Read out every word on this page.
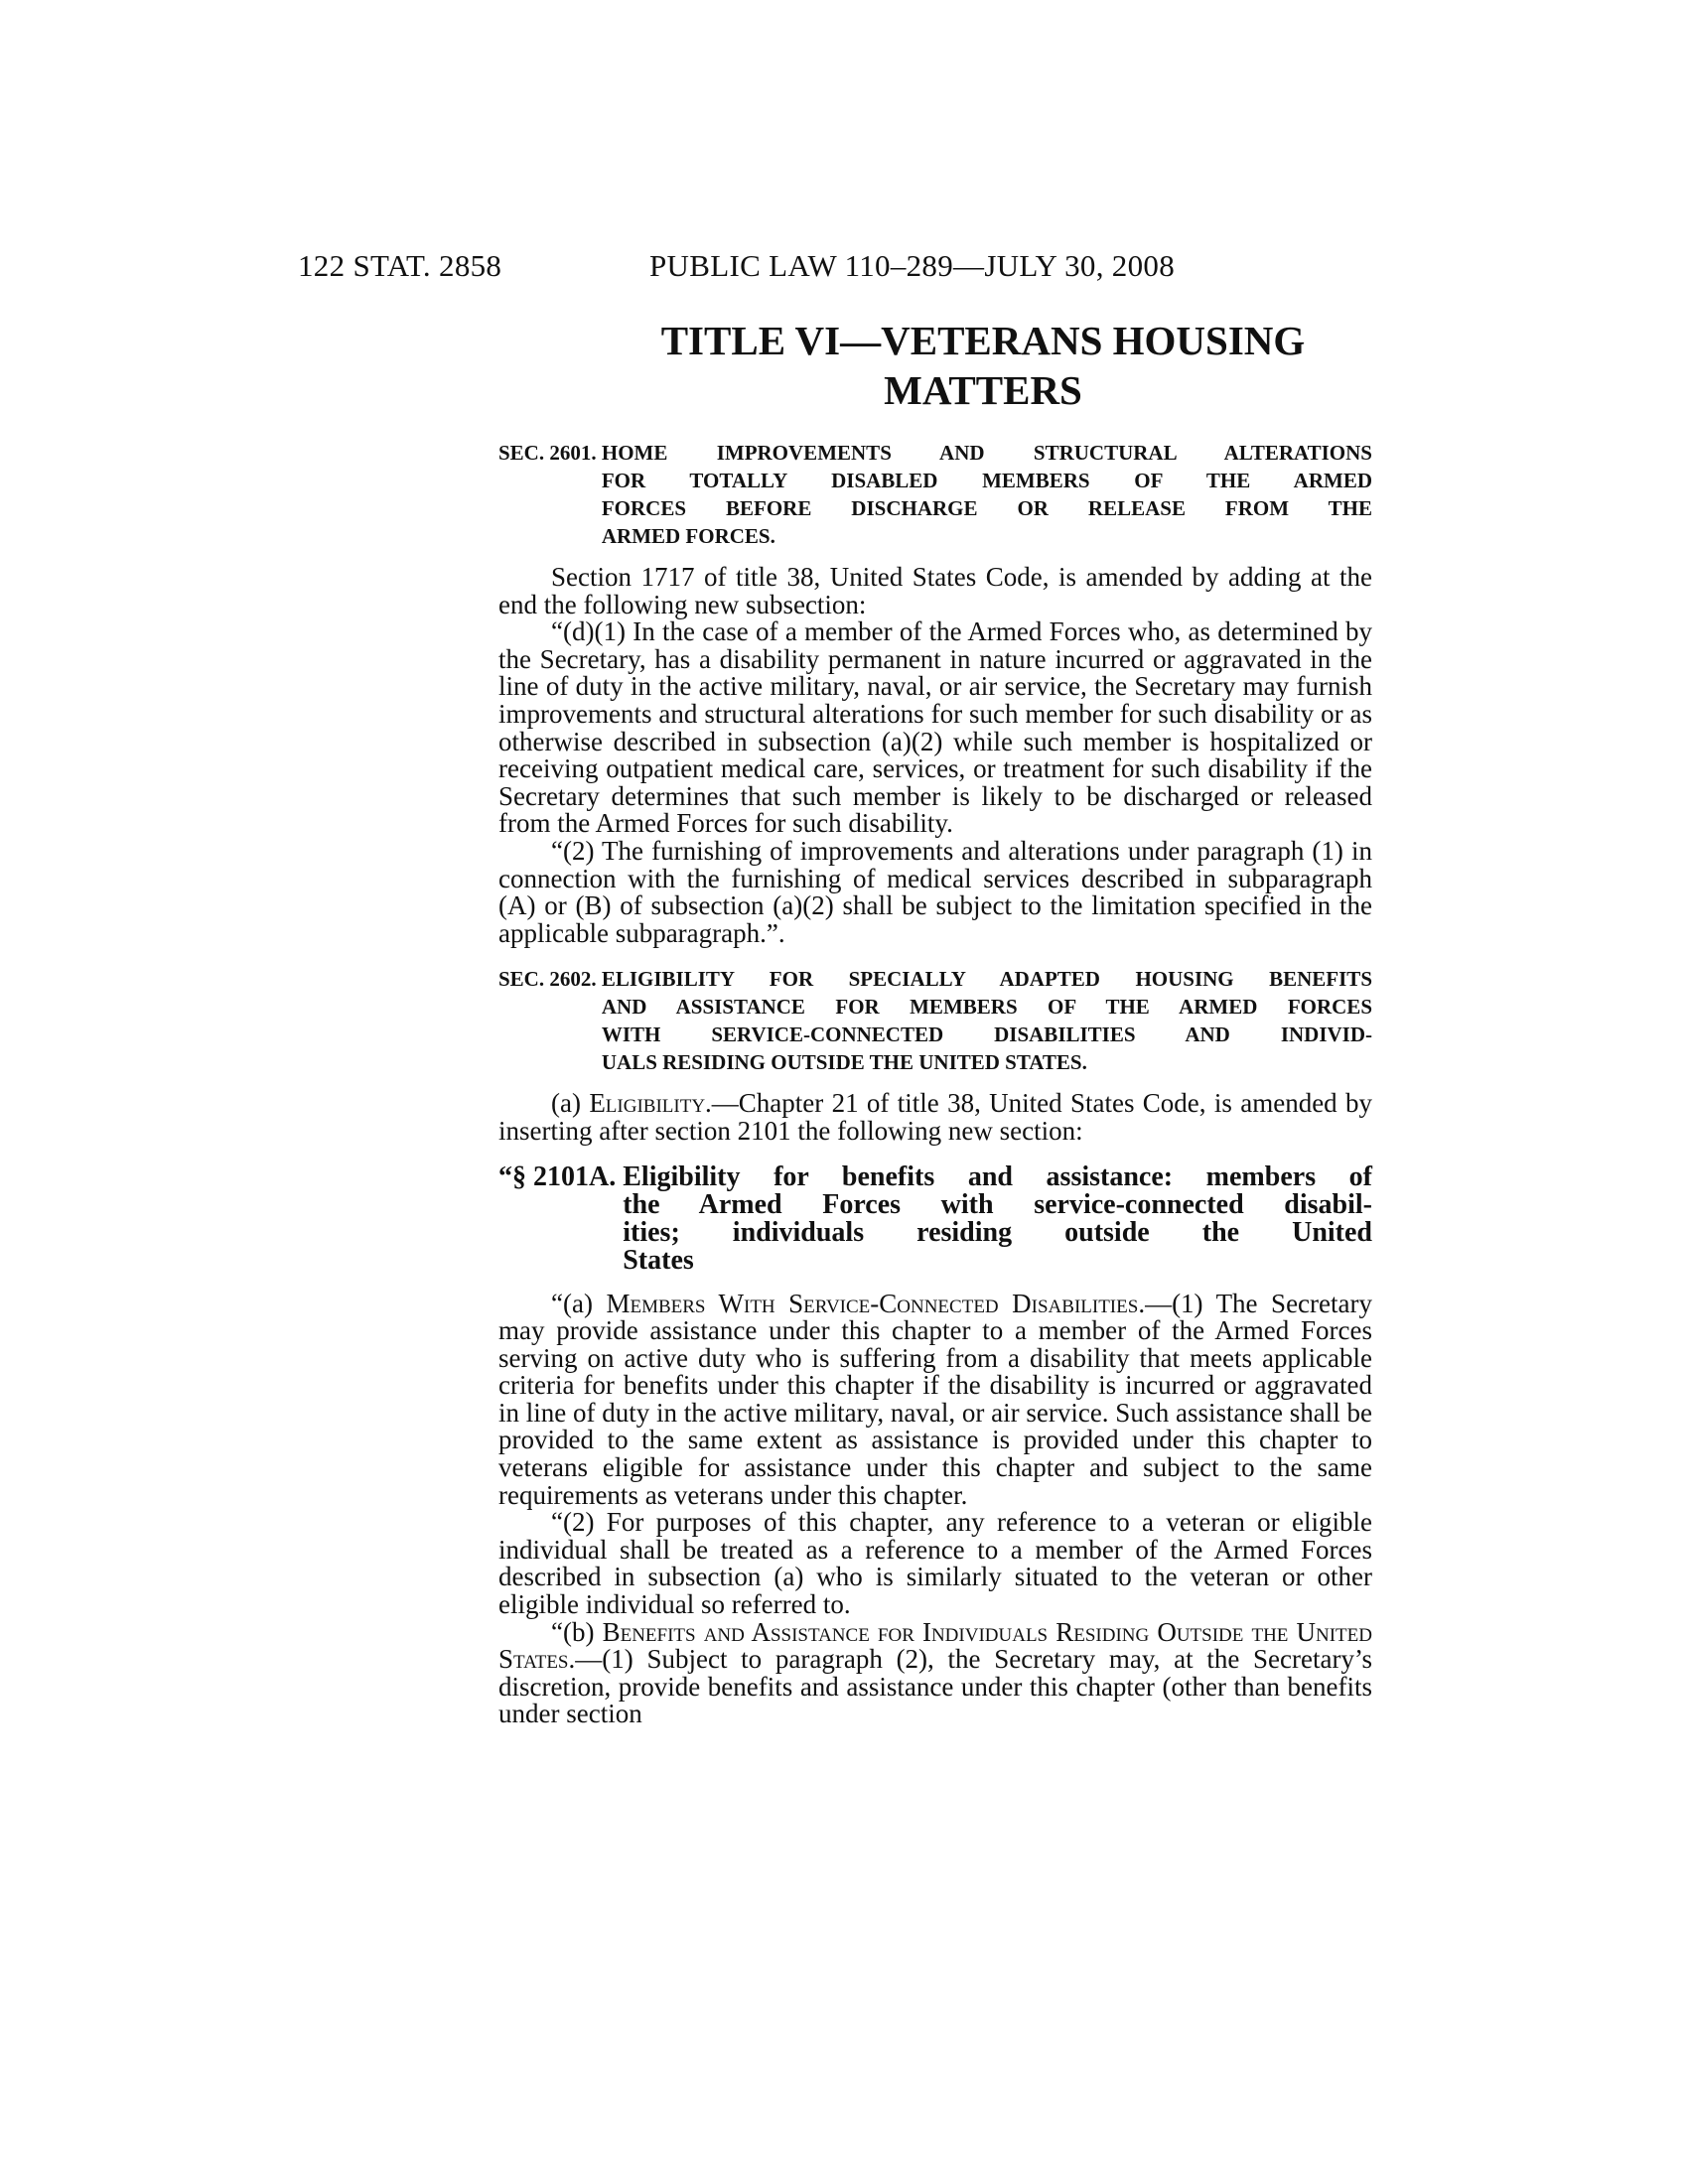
122 STAT. 2858	PUBLIC LAW 110–289—JULY 30, 2008
TITLE VI—VETERANS HOUSING
MATTERS
SEC. 2601. HOME IMPROVEMENTS AND STRUCTURAL ALTERATIONS
FOR TOTALLY DISABLED MEMBERS OF THE ARMED
FORCES BEFORE DISCHARGE OR RELEASE FROM THE
ARMED FORCES.

Section 1717 of title 38, United States Code, is amended by adding at the end the following new subsection:

“(d)(1) In the case of a member of the Armed Forces who, as determined by the Secretary, has a disability permanent in nature incurred or aggravated in the line of duty in the active military, naval, or air service, the Secretary may furnish improvements and structural alterations for such member for such disability or as otherwise described in subsection (a)(2) while such member is hospitalized or receiving outpatient medical care, services, or treatment for such disability if the Secretary determines that such member is likely to be discharged or released from the Armed Forces for such disability.

“(2) The furnishing of improvements and alterations under paragraph (1) in connection with the furnishing of medical services described in subparagraph (A) or (B) of subsection (a)(2) shall be subject to the limitation specified in the applicable subparagraph.”.

SEC. 2602. ELIGIBILITY FOR SPECIALLY ADAPTED HOUSING BENEFITS
AND ASSISTANCE FOR MEMBERS OF THE ARMED FORCES
WITH SERVICE-CONNECTED DISABILITIES AND INDIVID-
UALS RESIDING OUTSIDE THE UNITED STATES.

(a) Eligibility.—Chapter 21 of title 38, United States Code, is amended by inserting after section 2101 the following new section:

“§ 2101A. Eligibility for benefits and assistance: members of
the Armed Forces with service-connected disabil-
ities; individuals residing outside the United
States

“(a) Members With Service-Connected Disabilities.—(1) The Secretary may provide assistance under this chapter to a member of the Armed Forces serving on active duty who is suffering from a disability that meets applicable criteria for benefits under this chapter if the disability is incurred or aggravated in line of duty in the active military, naval, or air service. Such assistance shall be provided to the same extent as assistance is provided under this chapter to veterans eligible for assistance under this chapter and subject to the same requirements as veterans under this chapter.

“(2) For purposes of this chapter, any reference to a veteran or eligible individual shall be treated as a reference to a member of the Armed Forces described in subsection (a) who is similarly situated to the veteran or other eligible individual so referred to.

“(b) Benefits and Assistance for Individuals Residing Outside the United States.—(1) Subject to paragraph (2), the Secretary may, at the Secretary’s discretion, provide benefits and assistance under this chapter (other than benefits under section
